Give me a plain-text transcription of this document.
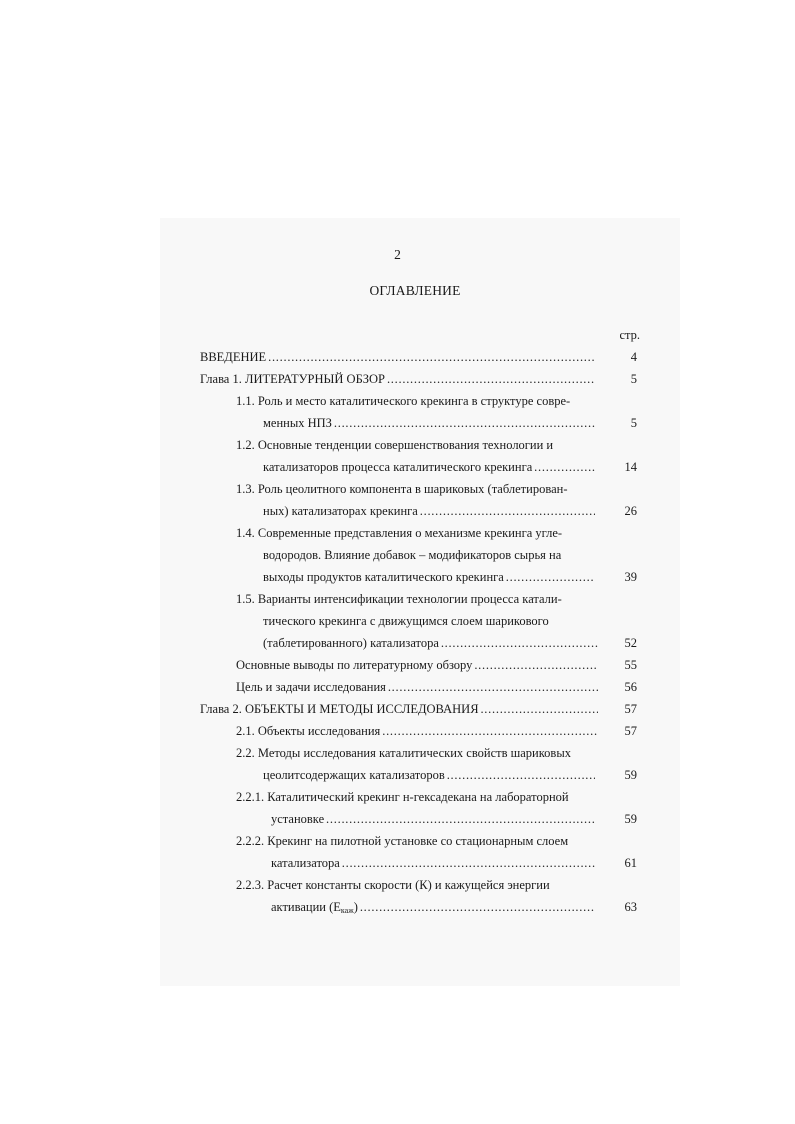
2
ОГЛАВЛЕНИЕ
стр.
ВВЕДЕНИЕ . . .	4
Глава 1. ЛИТЕРАТУРНЫЙ ОБЗОР . . .	5
1.1. Роль и место каталитического крекинга в структуре совре-
менных НПЗ . . .	5
1.2. Основные тенденции совершенствования технологии и
катализаторов процесса каталитического крекинга . . .	14
1.3. Роль цеолитного компонента в шариковых (таблетирован-
ных) катализаторах крекинга . . .	26
1.4. Современные представления о механизме крекинга угле-
водородов. Влияние добавок – модификаторов сырья на
выходы продуктов каталитического крекинга . . .	39
1.5. Варианты интенсификации технологии процесса катали-
тического крекинга с движущимся слоем шарикового
(таблетированного) катализатора . . .	52
Основные выводы по литературному обзору . . .	55
Цель и задачи исследования . . .	56
Глава 2. ОБЪЕКТЫ И МЕТОДЫ ИССЛЕДОВАНИЯ . . .	57
2.1. Объекты исследования . . .	57
2.2. Методы исследования каталитических свойств шариковых
цеолитсодержащих катализаторов . . .	59
2.2.1. Каталитический крекинг н-гексадекана на лабораторной
установке . . .	59
2.2.2. Крекинг на пилотной установке со стационарным слоем
катализатора . . .	61
2.2.3. Расчет константы скорости (К) и кажущейся энергии
активации $(E_{каж})$ . . .	63
